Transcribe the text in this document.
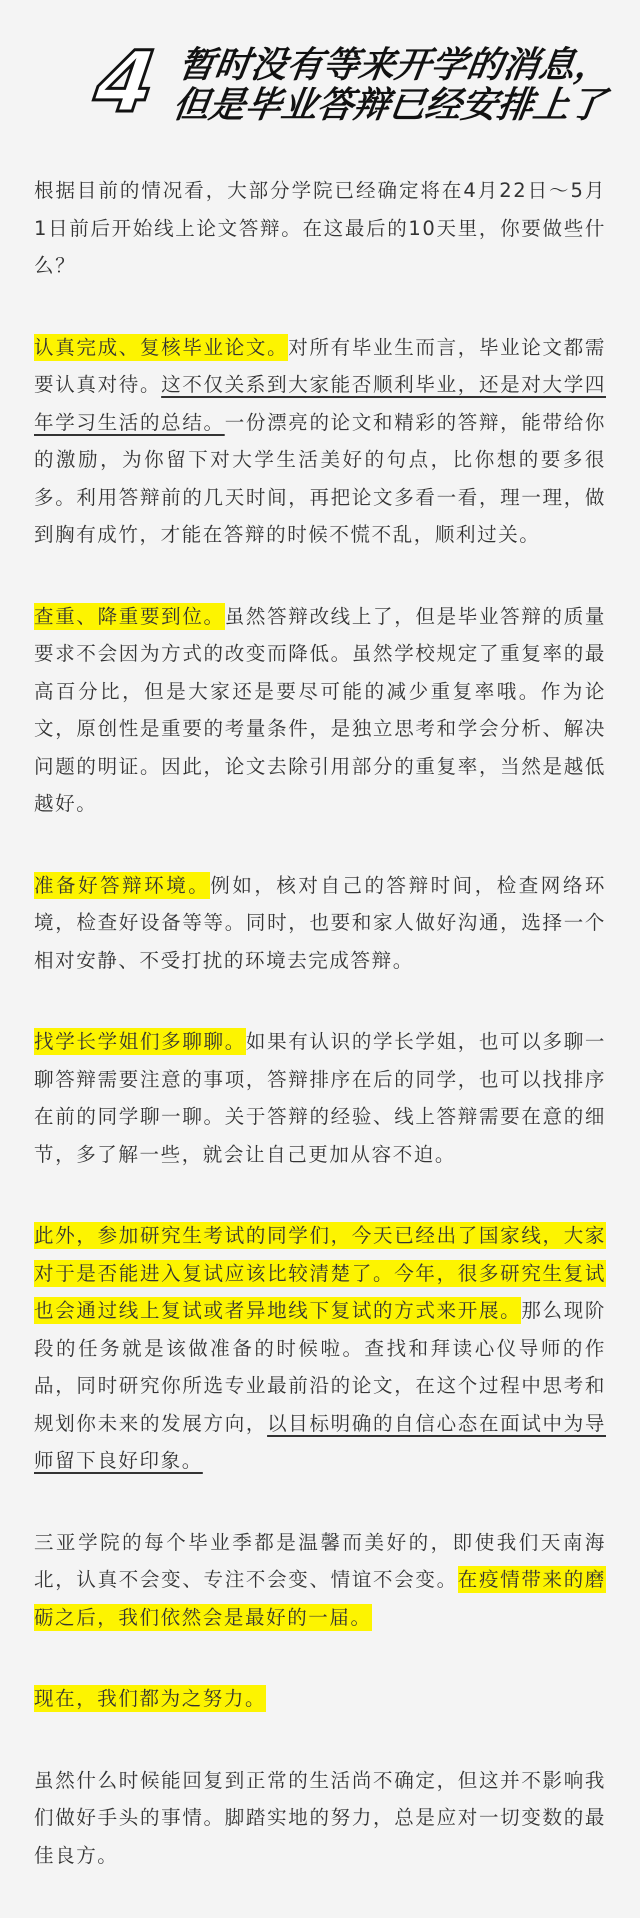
4 暂时没有等来开学的消息，
但是毕业答辩已经安排上了

根据目前的情况看，大部分学院已经确定将在4月22日～5月1日前后开始线上论文答辩。在这最后的10天里，你要做些什么？

认真完成、复核毕业论文。对所有毕业生而言，毕业论文都需要认真对待。这不仅关系到大家能否顺利毕业，还是对大学四年学习生活的总结。一份漂亮的论文和精彩的答辩，能带给你的激励，为你留下对大学生活美好的句点，比你想的要多很多。利用答辩前的几天时间，再把论文多看一看，理一理，做到胸有成竹，才能在答辩的时候不慌不乱，顺利过关。

查重、降重要到位。虽然答辩改线上了，但是毕业答辩的质量要求不会因为方式的改变而降低。虽然学校规定了重复率的最高百分比，但是大家还是要尽可能的减少重复率哦。作为论文，原创性是重要的考量条件，是独立思考和学会分析、解决问题的明证。因此，论文去除引用部分的重复率，当然是越低越好。

准备好答辩环境。例如，核对自己的答辩时间，检查网络环境，检查好设备等等。同时，也要和家人做好沟通，选择一个相对安静、不受打扰的环境去完成答辩。

找学长学姐们多聊聊。如果有认识的学长学姐，也可以多聊一聊答辩需要注意的事项，答辩排序在后的同学，也可以找排序在前的同学聊一聊。关于答辩的经验、线上答辩需要在意的细节，多了解一些，就会让自己更加从容不迫。

此外，参加研究生考试的同学们，今天已经出了国家线，大家对于是否能进入复试应该比较清楚了。今年，很多研究生复试也会通过线上复试或者异地线下复试的方式来开展。那么现阶段的任务就是该做准备的时候啦。查找和拜读心仪导师的作品，同时研究你所选专业最前沿的论文，在这个过程中思考和规划你未来的发展方向，以目标明确的自信心态在面试中为导师留下良好印象。

三亚学院的每个毕业季都是温馨而美好的，即使我们天南海北，认真不会变、专注不会变、情谊不会变。在疫情带来的磨砺之后，我们依然会是最好的一届。

现在，我们都为之努力。

虽然什么时候能回复到正常的生活尚不确定，但这并不影响我们做好手头的事情。脚踏实地的努力，总是应对一切变数的最佳良方。
